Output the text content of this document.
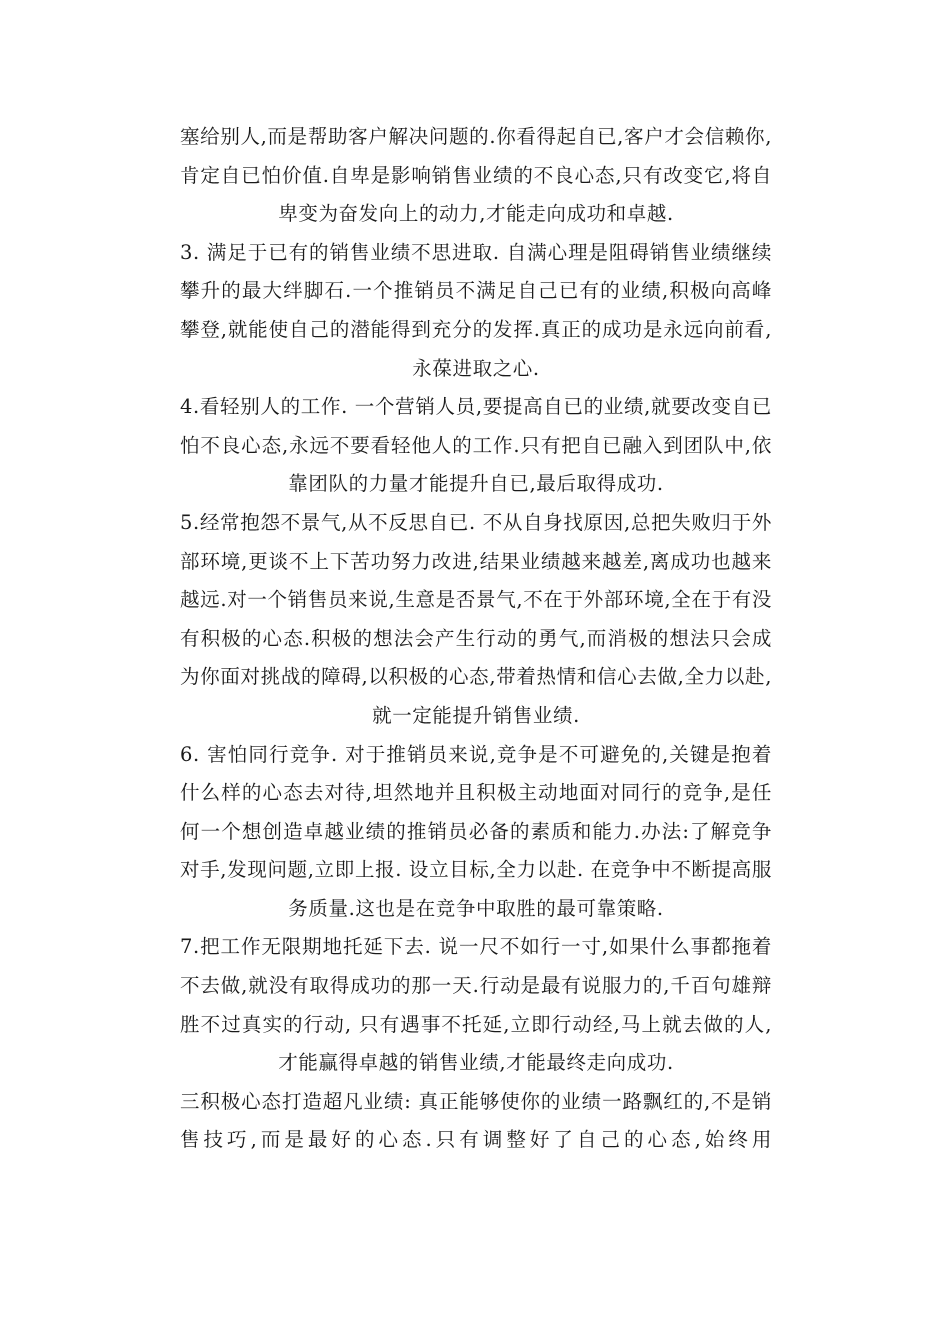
塞给别人,而是帮助客户解决问题的.你看得起自已,客户才会信赖你,肯定自已怕价值.自卑是影响销售业绩的不良心态,只有改变它,将自卑变为奋发向上的动力,才能走向成功和卓越.

3. 满足于已有的销售业绩不思进取. 自满心理是阻碍销售业绩继续攀升的最大绊脚石.一个推销员不满足自己已有的业绩,积极向高峰攀登,就能使自己的潜能得到充分的发挥.真正的成功是永远向前看,永葆进取之心.

4.看轻别人的工作. 一个营销人员,要提高自已的业绩,就要改变自已怕不良心态,永远不要看轻他人的工作.只有把自已融入到团队中,依靠团队的力量才能提升自已,最后取得成功.

5.经常抱怨不景气,从不反思自已. 不从自身找原因,总把失败归于外部环境,更谈不上下苦功努力改进,结果业绩越来越差,离成功也越来越远.对一个销售员来说,生意是否景气,不在于外部环境,全在于有没有积极的心态.积极的想法会产生行动的勇气,而消极的想法只会成为你面对挑战的障碍,以积极的心态,带着热情和信心去做,全力以赴,就一定能提升销售业绩.

6. 害怕同行竞争. 对于推销员来说,竞争是不可避免的,关键是抱着什么样的心态去对待,坦然地并且积极主动地面对同行的竞争,是任何一个想创造卓越业绩的推销员必备的素质和能力.办法:了解竞争对手,发现问题,立即上报. 设立目标,全力以赴. 在竞争中不断提高服务质量.这也是在竞争中取胜的最可靠策略.

7.把工作无限期地托延下去. 说一尺不如行一寸,如果什么事都拖着不去做,就没有取得成功的那一天.行动是最有说服力的,千百句雄辩胜不过真实的行动, 只有遇事不托延,立即行动经,马上就去做的人,才能赢得卓越的销售业绩,才能最终走向成功.

三积极心态打造超凡业绩: 真正能够使你的业绩一路飘红的,不是销售技巧,而是最好的心态.只有调整好了自己的心态,始终用
